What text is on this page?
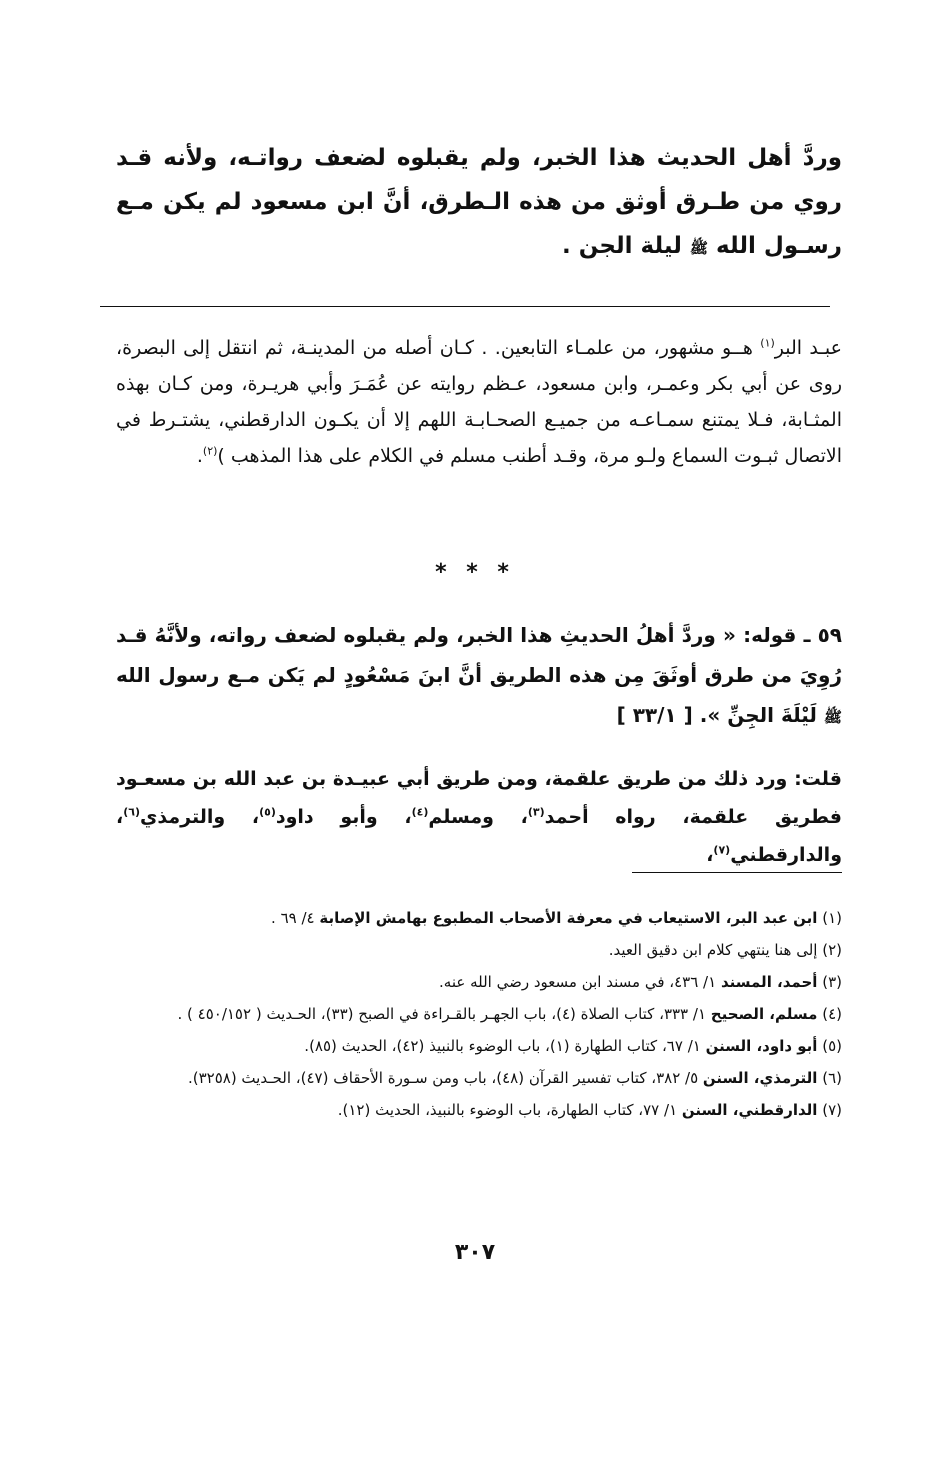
وردَّ أهل الحديث هذا الخبر، ولم يقبلوه لضعف رواتـه، ولأنه قـد روي من طـرق أوثق من هذه الـطرق، أنَّ ابن مسعود لم يكن مـع رسـول الله ﷺ ليلة الجن .
عبـد البر$^{(١)}$ هــو مشهور، من علمـاء التابعين. . كـان أصله من المدينـة، ثم انتقل إلى البصرة، روى عن أبي بكر وعمـر، وابن مسعود، عـظم روايته عن عُمَـرَ وأبي هريـرة، ومن كـان بهذه المثـابة، فـلا يمتنع سمـاعـه من جميـع الصحـابـة اللهم إلا أن يكـون الدارقطني، يشتـرط في الاتصال ثبـوت السماع ولـو مرة، وقـد أطنب مسلم في الكلام على هذا المذهب )$^{(٢)}$.
* * *
٥٩ ـ قوله: « وردَّ أهلُ الحديثِ هذا الخبر، ولم يقبلوه لضعف رواته، ولأنَّهُ قـد رُوِيَ من طرق أوثَقَ مِن هذه الطريق أنَّ ابنَ مَسْعُودٍ لم يَكن مـع رسول الله ﷺ لَيْلَةَ الجِنِّ ». [ ٣٣/١ ]
قلت: ورد ذلك من طريق علقمة، ومن طريق أبي عبيـدة بن عبد الله بن مسعـود فطريق علقمة، رواه أحمد$^{(٣)}$، ومسلم$^{(٤)}$، وأبو داود$^{(٥)}$، والترمذي$^{(٦)}$، والدارقطني$^{(٧)}$،

(١) ابن عبد البر، الاستيعاب في معرفة الأصحاب المطبوع بهامش الإصابة ٤/ ٦٩ .

(٢) إلى هنا ينتهي كلام ابن دقيق العيد.

(٣) أحمد، المسند ١/ ٤٣٦، في مسند ابن مسعود رضي الله عنه.

(٤) مسلم، الصحيح ١/ ٣٣٣، كتاب الصلاة (٤)، باب الجهـر بالقـراءة في الصبح (٣٣)، الحـديث ( ٤٥٠/١٥٢ ) .

(٥) أبو داود، السنن ١/ ٦٧، كتاب الطهارة (١)، باب الوضوء بالنبيذ (٤٢)، الحديث (٨٥).

(٦) الترمذي، السنن ٥/ ٣٨٢، كتاب تفسير القرآن (٤٨)، باب ومن سـورة الأحقاف (٤٧)، الحـديث (٣٢٥٨).

(٧) الدارقطني، السنن ١/ ٧٧، كتاب الطهارة، باب الوضوء بالنبيذ، الحديث (١٢).

٣٠٧
